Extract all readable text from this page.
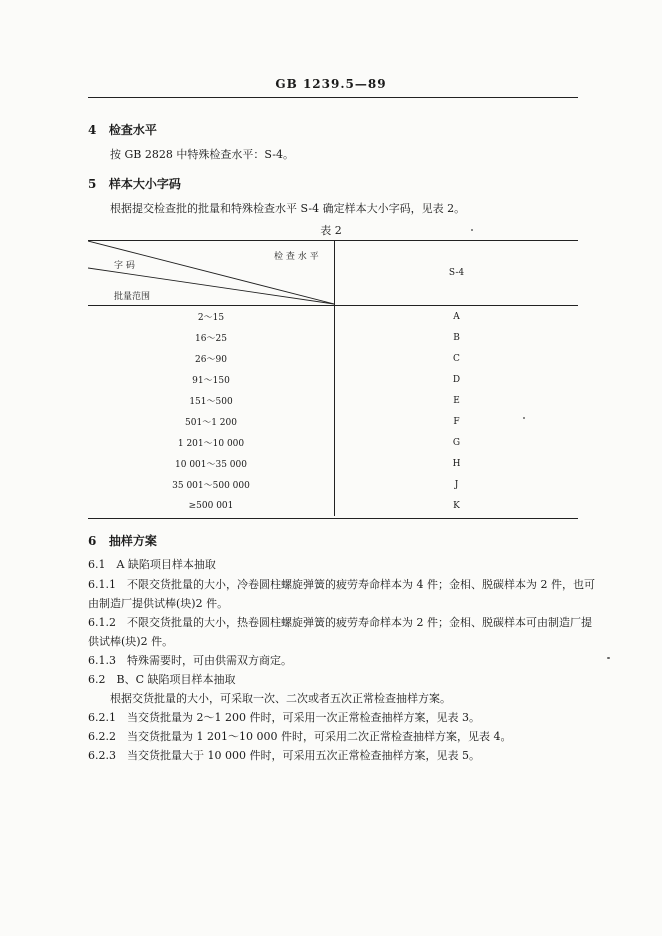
GB 1239.5—89
4 检查水平
按 GB 2828 中特殊检查水平：S-4。
5 样本大小字码
根据提交检查批的批量和特殊检查水平 S-4 确定样本大小字码，见表 2。
表 2
检 查 水 平
字 码
批量范围	S-4
2～15	A
16～25	B
26～90	C
91～150	D
151～500	E
501～1 200	F
1 201～10 000	G
10 001～35 000	H
35 001～500 000	J
≥500 001	K
6 抽样方案
6.1　A 缺陷项目样本抽取
6.1.1　不限交货批量的大小，冷卷圆柱螺旋弹簧的疲劳寿命样本为 4 件；金相、脱碳样本为 2 件，也可
由制造厂提供试棒(块)2 件。
6.1.2　不限交货批量的大小，热卷圆柱螺旋弹簧的疲劳寿命样本为 2 件；金相、脱碳样本可由制造厂提
供试棒(块)2 件。
6.1.3　特殊需要时，可由供需双方商定。
6.2　B、C 缺陷项目样本抽取
根据交货批量的大小，可采取一次、二次或者五次正常检查抽样方案。
6.2.1　当交货批量为 2～1 200 件时，可采用一次正常检查抽样方案，见表 3。
6.2.2　当交货批量为 1 201～10 000 件时，可采用二次正常检查抽样方案，见表 4。
6.2.3　当交货批量大于 10 000 件时，可采用五次正常检查抽样方案，见表 5。
